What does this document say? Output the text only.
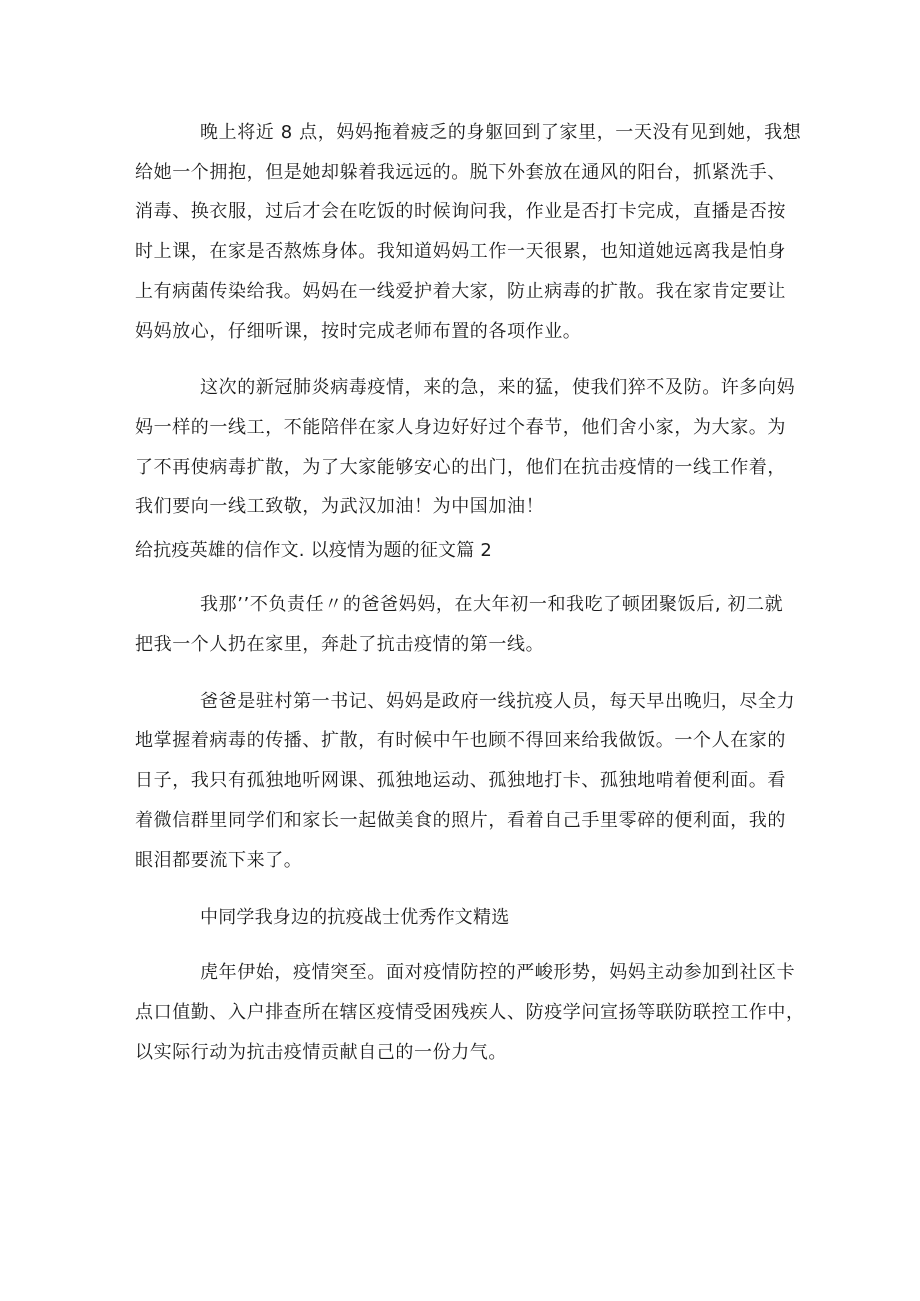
晚上将近 8 点，妈妈拖着疲乏的身躯回到了家里，一天没有见到她，我想

给她一个拥抱，但是她却躲着我远远的。脱下外套放在通风的阳台，抓紧洗手、

消毒、换衣服，过后才会在吃饭的时候询问我，作业是否打卡完成，直播是否按

时上课，在家是否熬炼身体。我知道妈妈工作一天很累，也知道她远离我是怕身

上有病菌传染给我。妈妈在一线爱护着大家，防止病毒的扩散。我在家肯定要让

妈妈放心，仔细听课，按时完成老师布置的各项作业。

这次的新冠肺炎病毒疫情，来的急，来的猛，使我们猝不及防。许多向妈

妈一样的一线工，不能陪伴在家人身边好好过个春节，他们舍小家，为大家。为

了不再使病毒扩散，为了大家能够安心的出门，他们在抗击疫情的一线工作着，

我们要向一线工致敬，为武汉加油！为中国加油！

给抗疫英雄的信作文. 以疫情为题的征文篇 2

我那’’不负责任〃的爸爸妈妈，在大年初一和我吃了顿团聚饭后, 初二就

把我一个人扔在家里，奔赴了抗击疫情的第一线。

爸爸是驻村第一书记、妈妈是政府一线抗疫人员，每天早出晚归，尽全力

地掌握着病毒的传播、扩散，有时候中午也顾不得回来给我做饭。一个人在家的

日子，我只有孤独地听网课、孤独地运动、孤独地打卡、孤独地啃着便利面。看

着微信群里同学们和家长一起做美食的照片，看着自己手里零碎的便利面，我的

眼泪都要流下来了。

中同学我身边的抗疫战士优秀作文精选

虎年伊始，疫情突至。面对疫情防控的严峻形势，妈妈主动参加到社区卡

点口值勤、入户排查所在辖区疫情受困残疾人、防疫学问宣扬等联防联控工作中，

以实际行动为抗击疫情贡献自己的一份力气。
